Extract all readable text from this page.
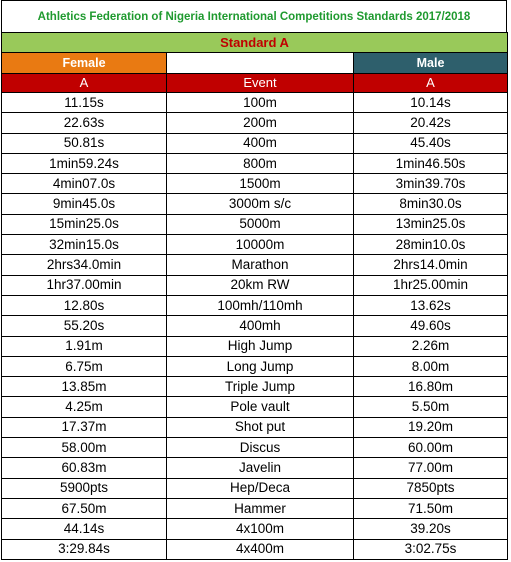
Athletics Federation of Nigeria International Competitions Standards 2017/2018
Standard A		
Female		Male
A	Event	A
11.15s	100m	10.14s
22.63s	200m	20.42s
50.81s	400m	45.40s
1min59.24s	800m	1min46.50s
4min07.0s	1500m	3min39.70s
9min45.0s	3000m s/c	8min30.0s
15min25.0s	5000m	13min25.0s
32min15.0s	10000m	28min10.0s
2hrs34.0min	Marathon	2hrs14.0min
1hr37.00min	20km RW	1hr25.00min
12.80s	100mh/110mh	13.62s
55.20s	400mh	49.60s
1.91m	High Jump	2.26m
6.75m	Long Jump	8.00m
13.85m	Triple Jump	16.80m
4.25m	Pole vault	5.50m
17.37m	Shot put	19.20m
58.00m	Discus	60.00m
60.83m	Javelin	77.00m
5900pts	Hep/Deca	7850pts
67.50m	Hammer	71.50m
44.14s	4x100m	39.20s
3:29.84s	4x400m	3:02.75s
